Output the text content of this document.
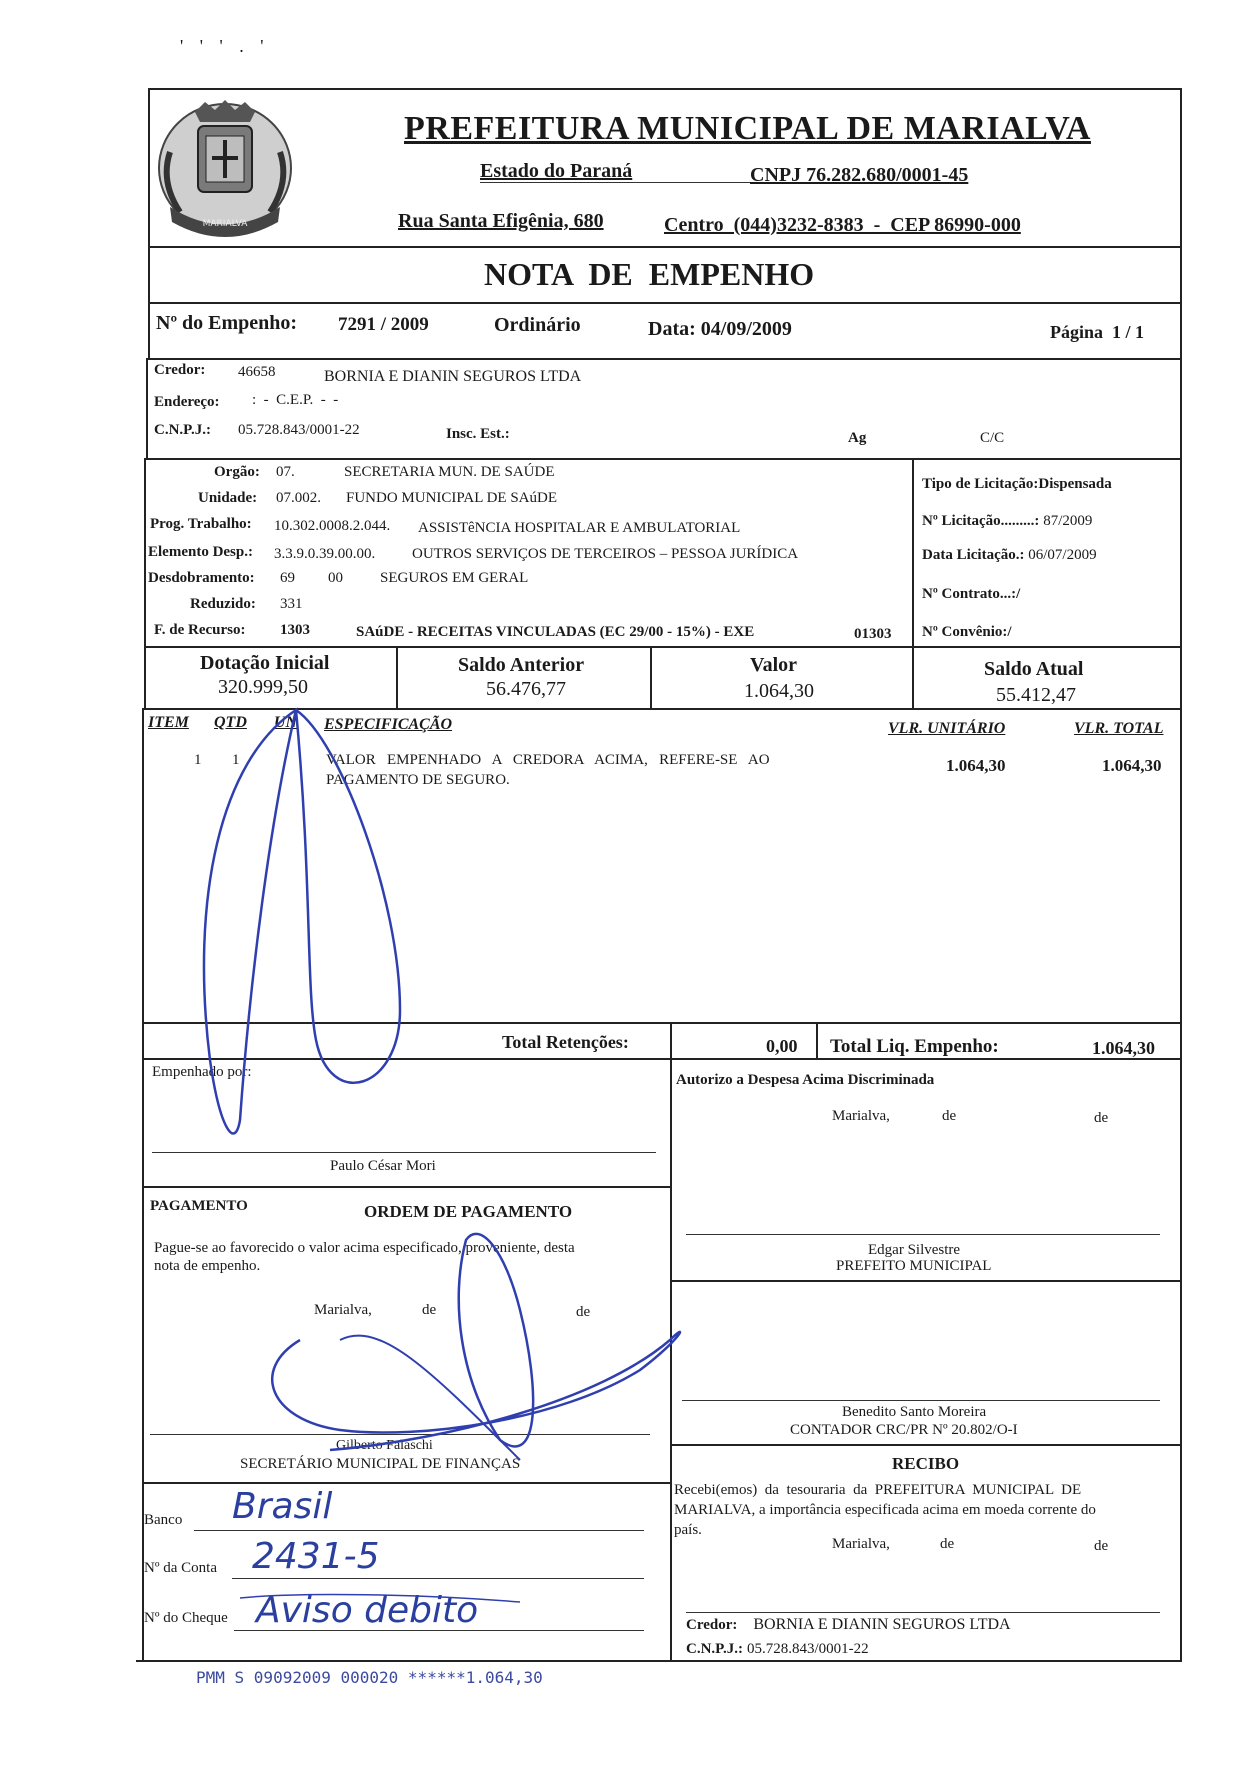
' ' ' . '
MARIALVA
PREFEITURA MUNICIPAL DE MARIALVA
Estado do Paraná	CNPJ 76.282.680/0001-45
Rua Santa Efigênia, 680	Centro  (044)3232-8383  -  CEP 86990-000
NOTA DE EMPENHO
Nº do Empenho: 7291 / 2009	Ordinário	Data: 04/09/2009	Página  1 / 1
Credor: 46658	BORNIA E DIANIN SEGUROS LTDA
Endereço: :  -  C.E.P.  -  -
C.N.P.J.: 05.728.843/0001-22	Insc. Est.:	Ag	C/C
Orgão: 07.	SECRETARIA MUN. DE SAÚDE
Unidade: 07.002. FUNDO MUNICIPAL DE SAúDE
Prog. Trabalho: 10.302.0008.2.044. ASSISTêNCIA HOSPITALAR E AMBULATORIAL
Elemento Desp.: 3.3.9.0.39.00.00. OUTROS SERVIÇOS DE TERCEIROS – PESSOA JURÍDICA
Desdobramento: 69 00 SEGUROS EM GERAL
Reduzido: 331
F. de Recurso: 1303	SAúDE - RECEITAS VINCULADAS (EC 29/00 - 15%) - EXE	01303
Tipo de Licitação:Dispensada
Nº Licitação.........: 87/2009
Data Licitação.: 06/07/2009
Nº Contrato...:/
Nº Convênio:/
Dotação Inicial
320.999,50
Saldo Anterior
56.476,77
Valor
1.064,30
Saldo Atual
55.412,47
ITEM QTD UN ESPECIFICAÇÃO	VLR. UNITÁRIO	VLR. TOTAL
1 1	VALOR   EMPENHADO   A   CREDORA   ACIMA,   REFERE-SE   AO
PAGAMENTO DE SEGURO.
1.064,30	1.064,30
Total Retenções:	0,00 Total Liq. Empenho:	1.064,30
Empenhado por:
Paulo César Mori
Autorizo a Despesa Acima Discriminada
Marialva,	de	de
Edgar Silvestre
PREFEITO MUNICIPAL
Benedito Santo Moreira
CONTADOR CRC/PR Nº 20.802/O-I
PAGAMENTO	ORDEM DE PAGAMENTO
Pague-se ao favorecido o valor acima especificado, proveniente, desta
nota de empenho.
Marialva,	de	de
Gilberto Falaschi
SECRETÁRIO MUNICIPAL DE FINANÇAS
Banco Brasil
Nº da Conta 2431-5
Nº do Cheque Aviso debito
RECIBO
Recebi(emos)  da  tesouraria  da  PREFEITURA  MUNICIPAL  DE
MARIALVA, a importância especificada acima em moeda corrente do
país.
Marialva,	de	de
Credor: BORNIA E DIANIN SEGUROS LTDA
C.N.P.J.: 05.728.843/0001-22
PMM S 09092009 000020 ******1.064,30
